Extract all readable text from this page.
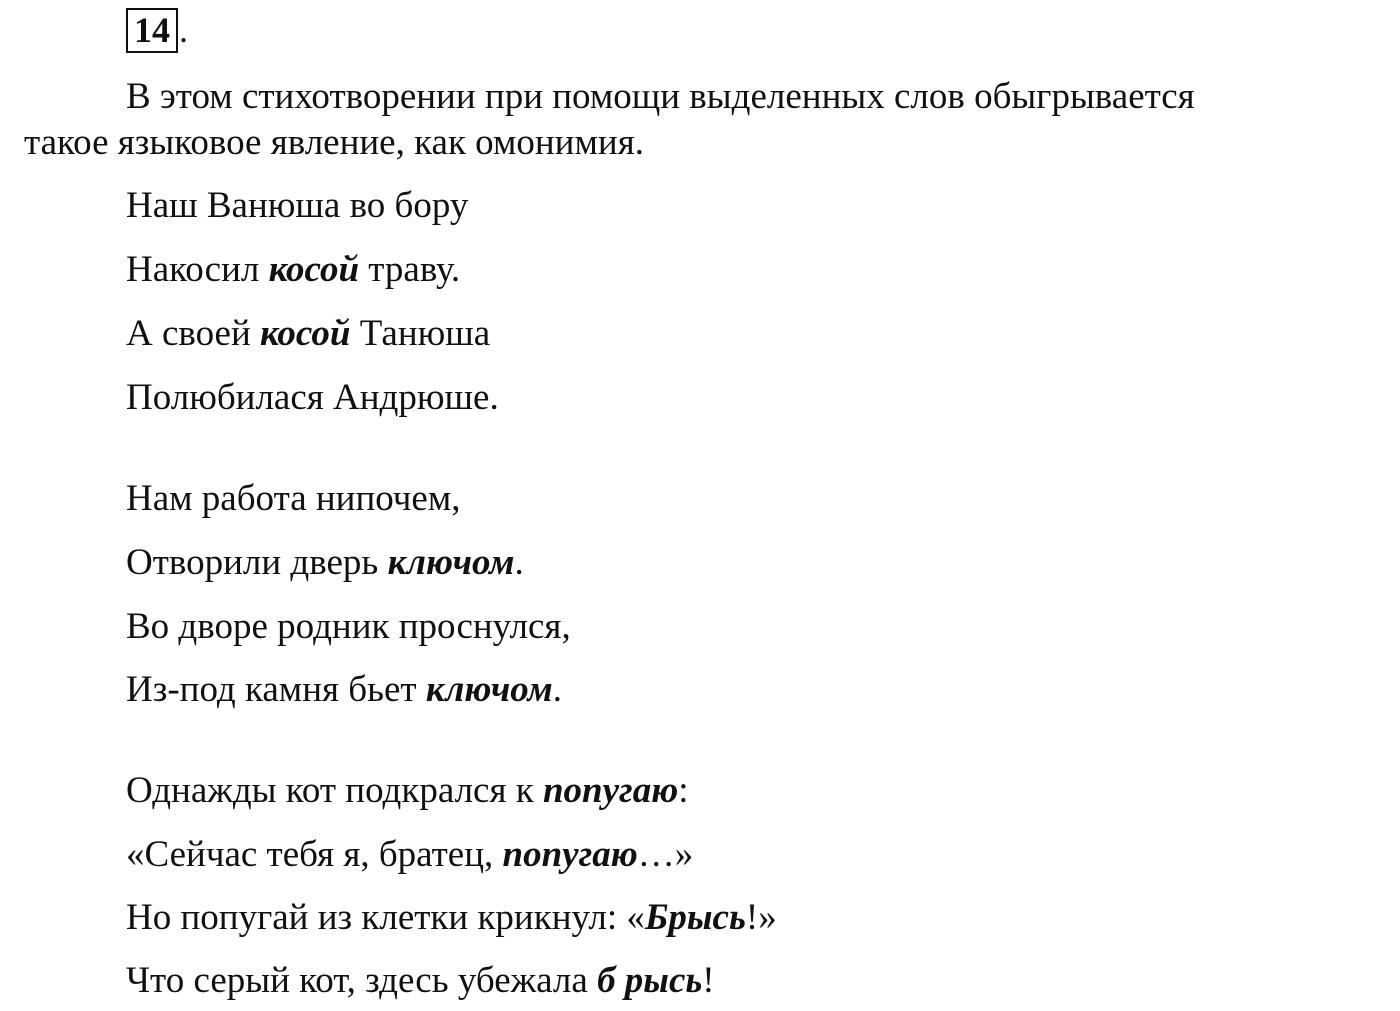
14 .
В этом стихотворении при помощи выделенных слов обыгрывается
такое языковое явление, как омонимия.
Наш Ванюша во бору
Накосил косой траву.
А своей косой Танюша
Полюбилася Андрюше.
Нам работа нипочем,
Отворили дверь ключом.
Во дворе родник проснулся,
Из-под камня бьет ключом.
Однажды кот подкрался к попугаю:
«Сейчас тебя я, братец, попугаю…»
Но попугай из клетки крикнул: «Брысь!»
Что серый кот, здесь убежала б рысь!
